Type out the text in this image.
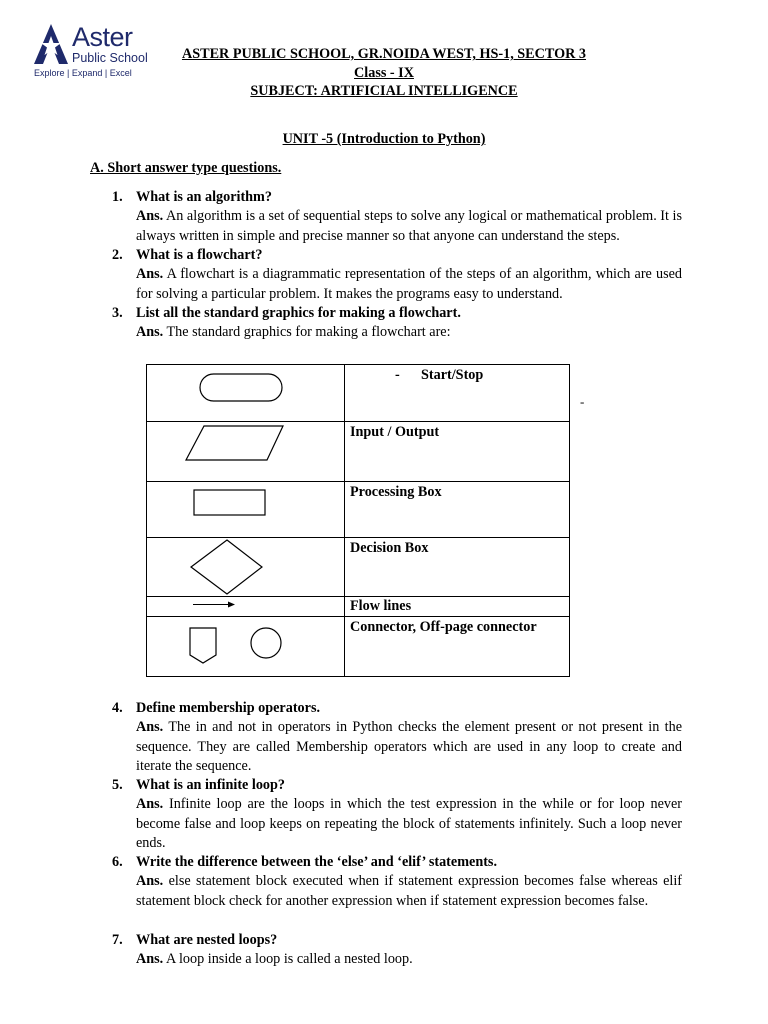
Aster
Public School
Explore | Expand | Excel
ASTER PUBLIC SCHOOL, GR.NOIDA WEST, HS-1, SECTOR 3
Class - IX
SUBJECT: ARTIFICIAL INTELLIGENCE
UNIT -5 (Introduction to Python)
A. Short answer type questions.
1. What is an algorithm?
Ans. An algorithm is a set of sequential steps to solve any logical or mathematical problem. It is always written in simple and precise manner so that anyone can understand the steps.
2. What is a flowchart?
Ans. A flowchart is a diagrammatic representation of the steps of an algorithm, which are used for solving a particular problem. It makes the programs easy to understand.
3. List all the standard graphics for making a flowchart.
Ans. The standard graphics for making a flowchart are:
	-      Start/Stop

	Input / Output

	Processing Box

	Decision Box

	Flow lines

	Connector, Off-page connector
-
4. Define membership operators.
Ans. The in and not in operators in Python checks the element present or not present in the sequence. They are called Membership operators which are used in any loop to create and iterate the sequence.
5. What is an infinite loop?
Ans. Infinite loop are the loops in which the test expression in the while or for loop never become false and loop keeps on repeating the block of statements infinitely. Such a loop never ends.
6. Write the difference between the ‘else’ and ‘elif’ statements.
Ans. else statement block executed when if statement expression becomes false whereas elif statement block check for another expression when if statement expression becomes false.
7. What are nested loops?
Ans. A loop inside a loop is called a nested loop.
